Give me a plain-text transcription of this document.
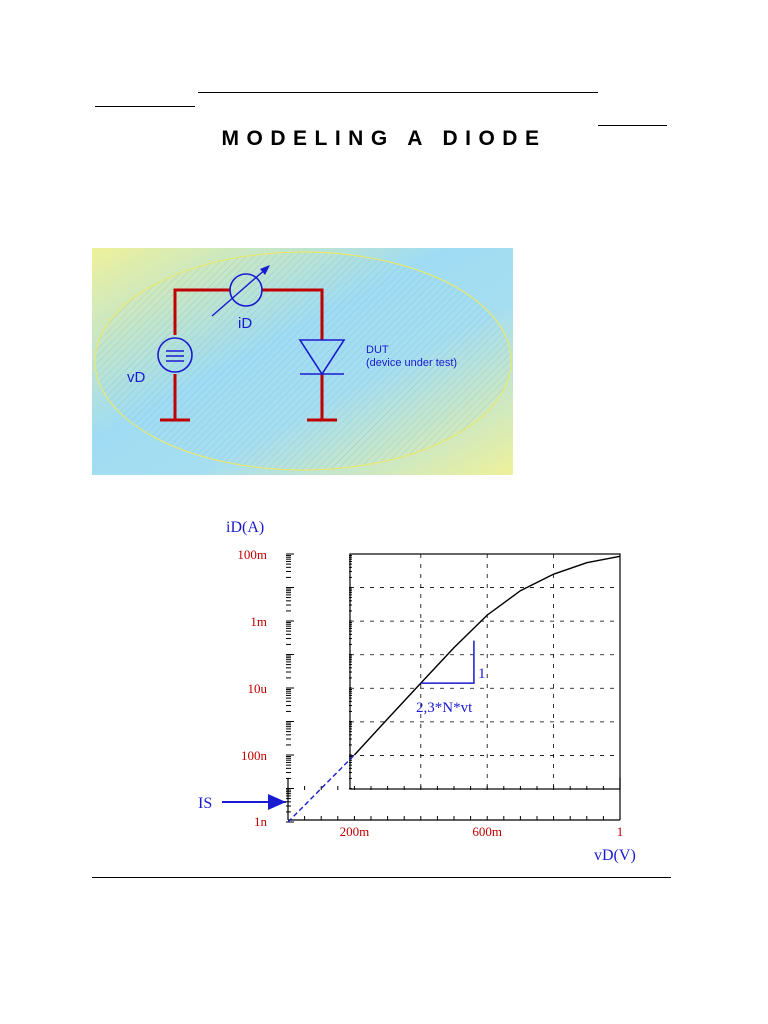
MODELING A DIODE
vD
iD
DUT
(device under test)
iD(A)
vD(V)
100m
1m
10u
100n
1n
200m	600m	1
1
2,3*N*vt
IS
